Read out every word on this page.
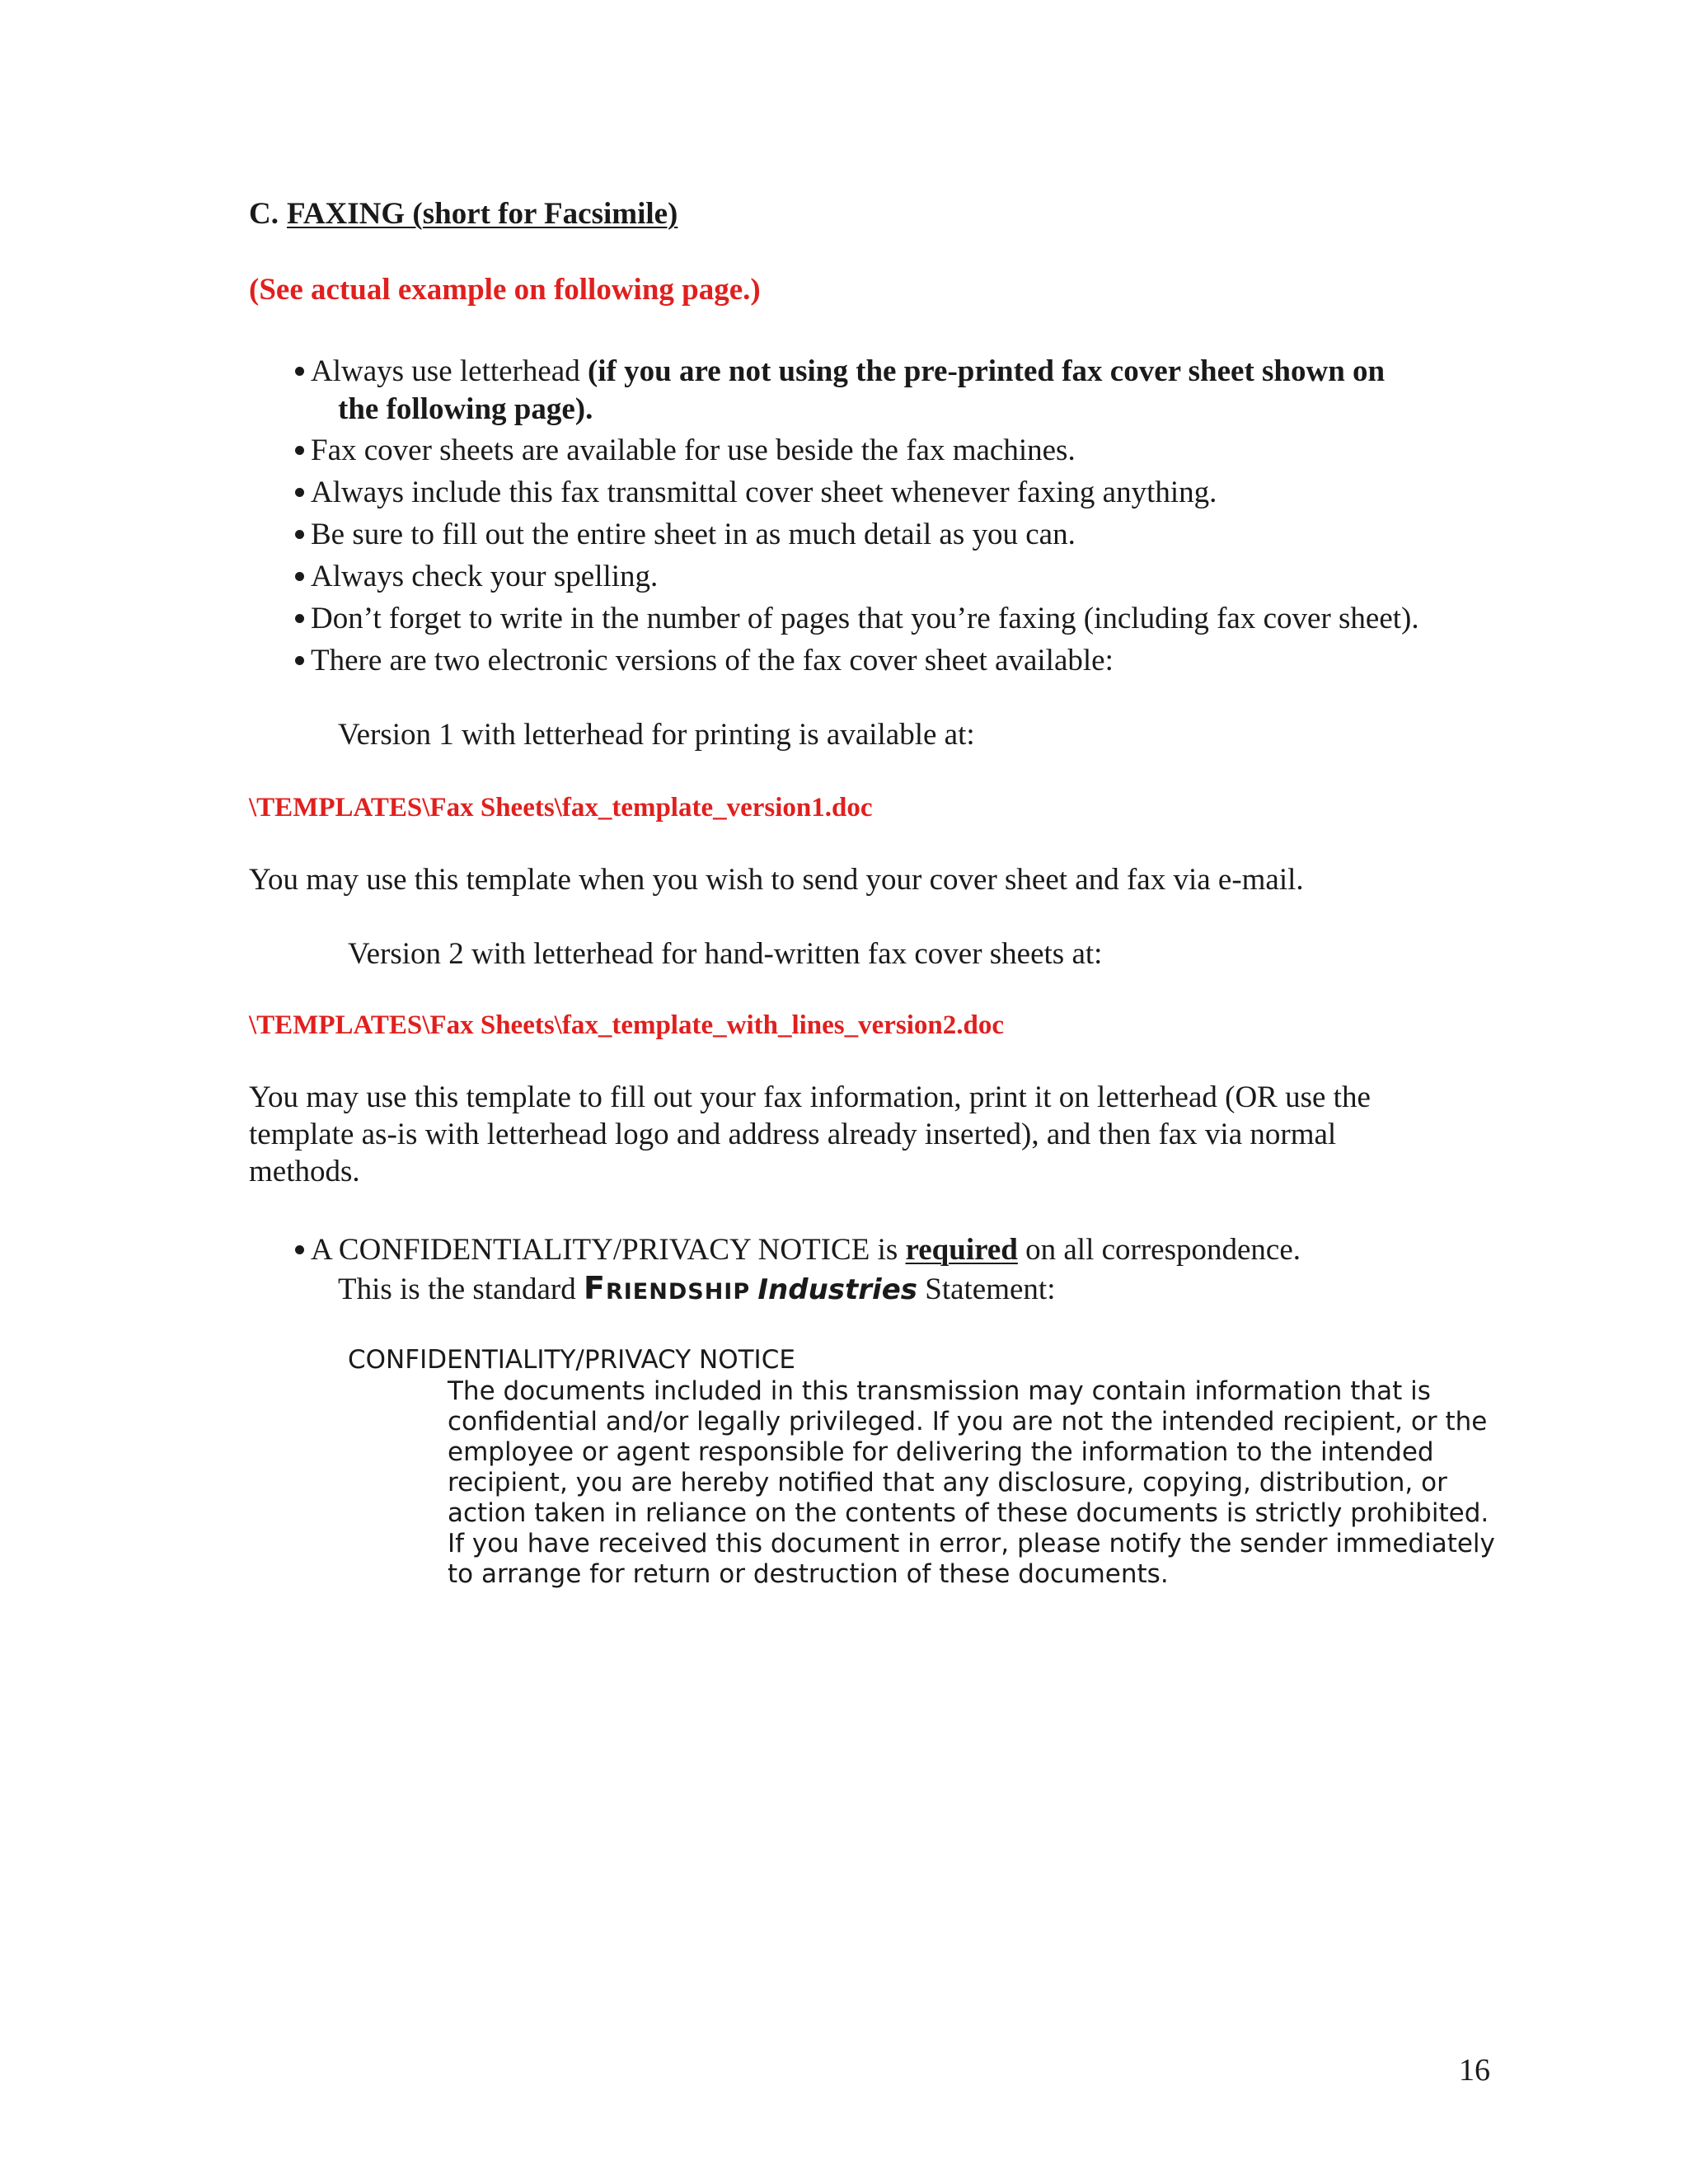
C. FAXING (short for Facsimile)
(See actual example on following page.)
Always use letterhead (if you are not using the pre-printed fax cover sheet shown on
the following page).
Fax cover sheets are available for use beside the fax machines.
Always include this fax transmittal cover sheet whenever faxing anything.
Be sure to fill out the entire sheet in as much detail as you can.
Always check your spelling.
Don’t forget to write in the number of pages that you’re faxing (including fax cover sheet).
There are two electronic versions of the fax cover sheet available:
Version 1 with letterhead for printing is available at:
\TEMPLATES\Fax Sheets\fax_template_version1.doc
You may use this template when you wish to send your cover sheet and fax via e-mail.
Version 2 with letterhead for hand-written fax cover sheets at:
\TEMPLATES\Fax Sheets\fax_template_with_lines_version2.doc
You may use this template to fill out your fax information, print it on letterhead (OR use the
template as-is with letterhead logo and address already inserted), and then fax via normal
methods.
A CONFIDENTIALITY/PRIVACY NOTICE is required on all correspondence.
This is the standard Friendship Industries Statement:
CONFIDENTIALITY/PRIVACY NOTICE
The documents included in this transmission may contain information that is
confidential and/or legally privileged. If you are not the intended recipient, or the
employee or agent responsible for delivering the information to the intended
recipient, you are hereby notified that any disclosure, copying, distribution, or
action taken in reliance on the contents of these documents is strictly prohibited.
If you have received this document in error, please notify the sender immediately
to arrange for return or destruction of these documents.
16
